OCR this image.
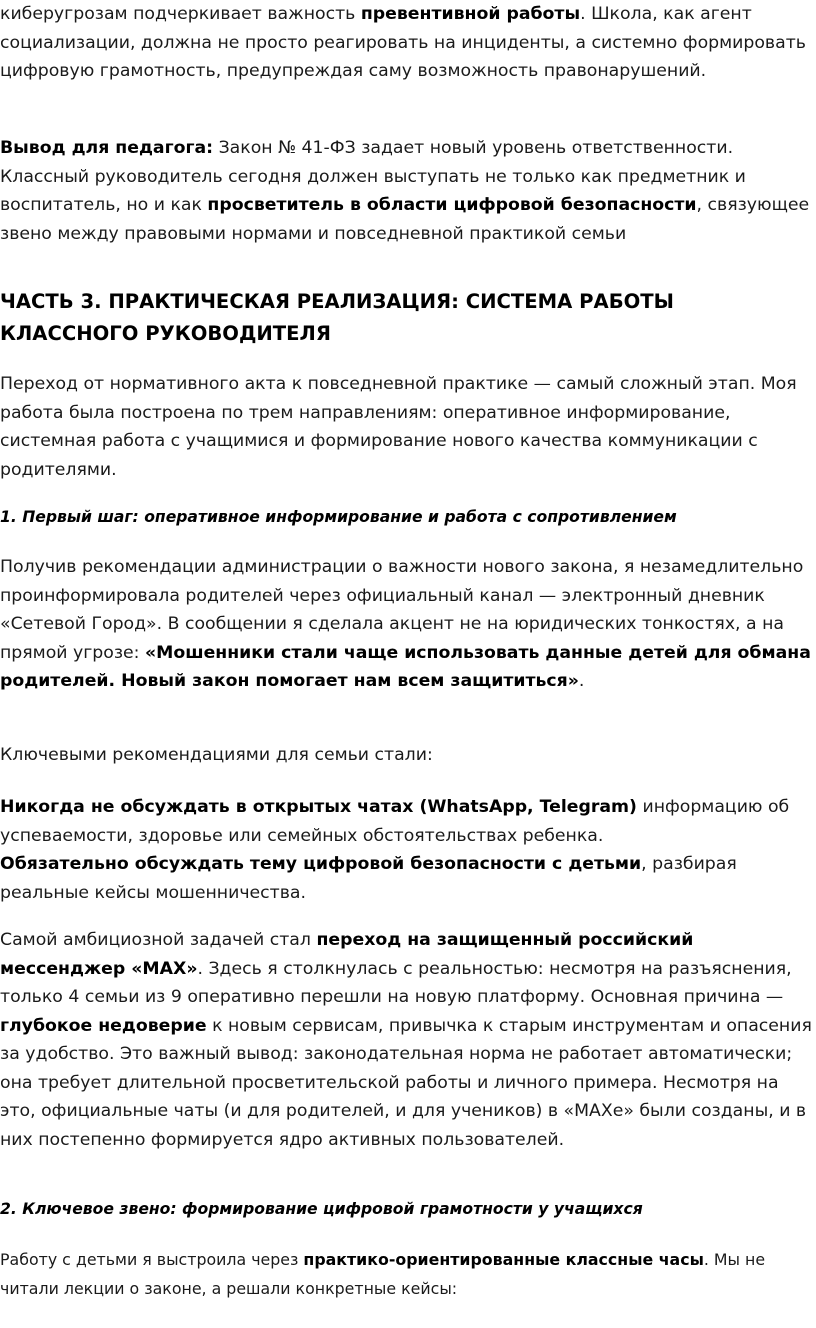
киберугрозам подчеркивает важность превентивной работы. Школа, как агент социализации, должна не просто реагировать на инциденты, а системно формировать цифровую грамотность, предупреждая саму возможность правонарушений.

Вывод для педагога: Закон № 41-ФЗ задает новый уровень ответственности. Классный руководитель сегодня должен выступать не только как предметник и воспитатель, но и как просветитель в области цифровой безопасности, связующее звено между правовыми нормами и повседневной практикой семьи

ЧАСТЬ 3. ПРАКТИЧЕСКАЯ РЕАЛИЗАЦИЯ: СИСТЕМА РАБОТЫ КЛАССНОГО РУКОВОДИТЕЛЯ

Переход от нормативного акта к повседневной практике — самый сложный этап. Моя работа была построена по трем направлениям: оперативное информирование, системная работа с учащимися и формирование нового качества коммуникации с родителями.

1. Первый шаг: оперативное информирование и работа с сопротивлением

Получив рекомендации администрации о важности нового закона, я незамедлительно проинформировала родителей через официальный канал — электронный дневник «Сетевой Город». В сообщении я сделала акцент не на юридических тонкостях, а на прямой угрозе: «Мошенники стали чаще использовать данные детей для обмана родителей. Новый закон помогает нам всем защититься».

Ключевыми рекомендациями для семьи стали:

Никогда не обсуждать в открытых чатах (WhatsApp, Telegram) информацию об успеваемости, здоровье или семейных обстоятельствах ребенка.
Обязательно обсуждать тему цифровой безопасности с детьми, разбирая реальные кейсы мошенничества.

Самой амбициозной задачей стал переход на защищенный российский мессенджер «MAX». Здесь я столкнулась с реальностью: несмотря на разъяснения, только 4 семьи из 9 оперативно перешли на новую платформу. Основная причина — глубокое недоверие к новым сервисам, привычка к старым инструментам и опасения за удобство. Это важный вывод: законодательная норма не работает автоматически; она требует длительной просветительской работы и личного примера. Несмотря на это, официальные чаты (и для родителей, и для учеников) в «MAXе» были созданы, и в них постепенно формируется ядро активных пользователей.

2. Ключевое звено: формирование цифровой грамотности у учащихся

Работу с детьми я выстроила через практико-ориентированные классные часы. Мы не читали лекции о законе, а решали конкретные кейсы:
